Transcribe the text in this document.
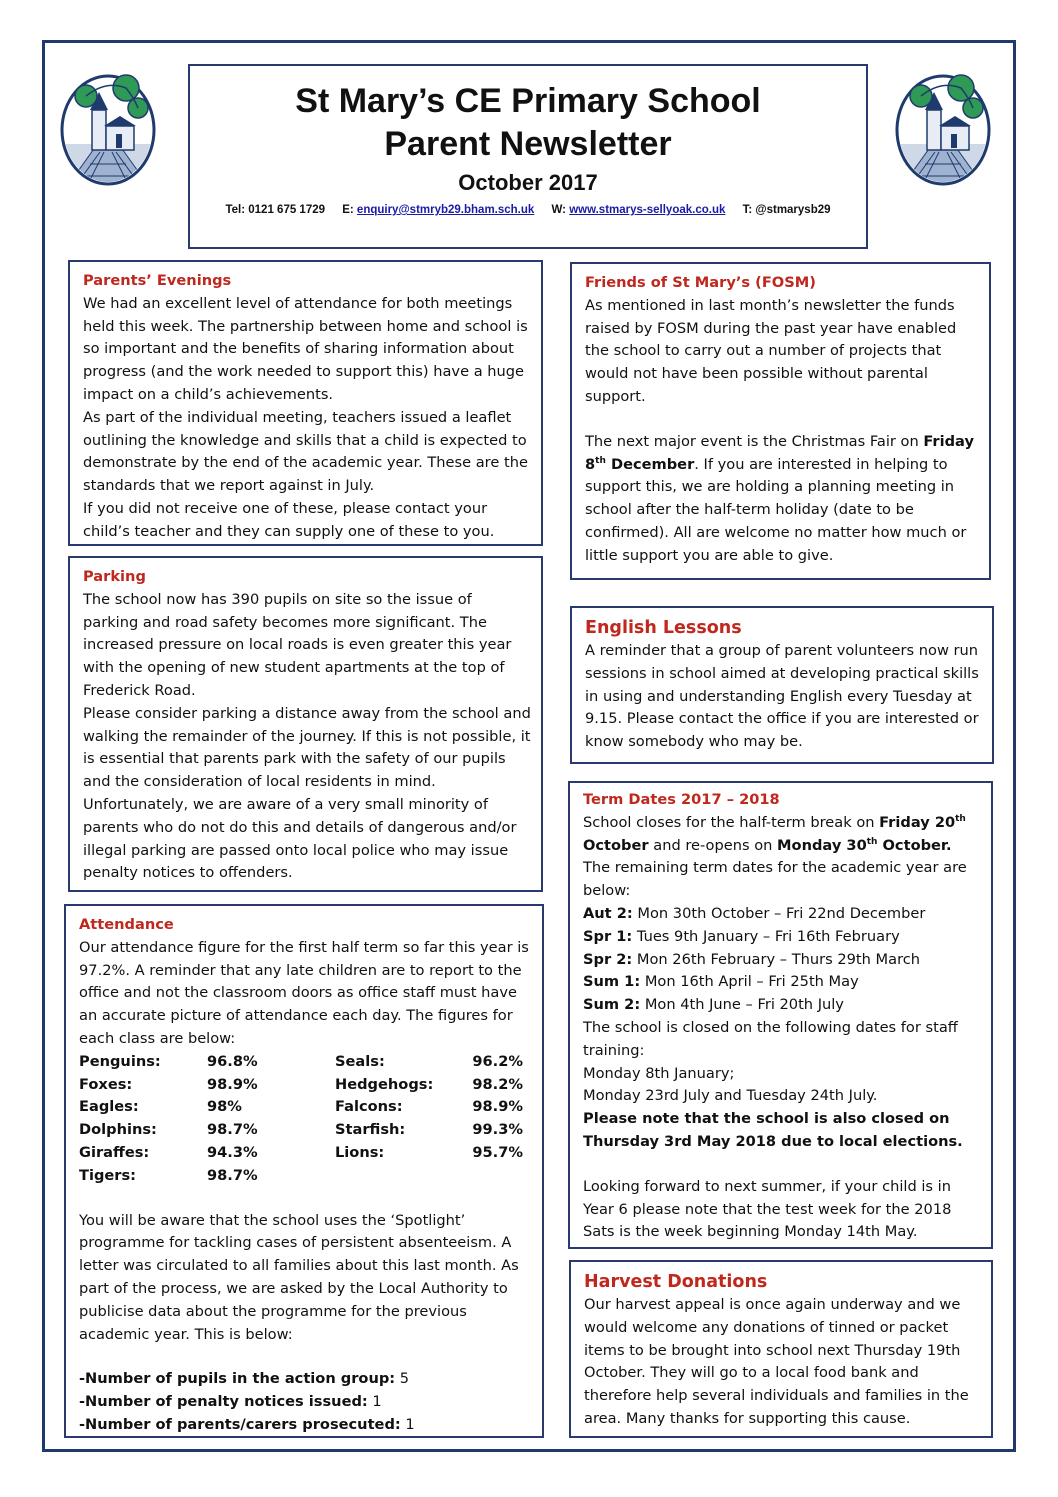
St Mary’s CE Primary School
Parent Newsletter
October 2017
Tel: 0121 675 1729 E: enquiry@stmryb29.bham.sch.uk W: www.stmarys-sellyoak.co.uk T: @stmarysb29
Parents’ Evenings

We had an excellent level of attendance for both meetings held this week. The partnership between home and school is so important and the benefits of sharing information about progress (and the work needed to support this) have a huge impact on a child’s achievements.

As part of the individual meeting, teachers issued a leaflet outlining the knowledge and skills that a child is expected to demonstrate by the end of the academic year. These are the standards that we report against in July.

If you did not receive one of these, please contact your child’s teacher and they can supply one of these to you.

Parking

The school now has 390 pupils on site so the issue of parking and road safety becomes more significant. The increased pressure on local roads is even greater this year with the opening of new student apartments at the top of Frederick Road.

Please consider parking a distance away from the school and walking the remainder of the journey. If this is not possible, it is essential that parents park with the safety of our pupils and the consideration of local residents in mind. Unfortunately, we are aware of a very small minority of parents who do not do this and details of dangerous and/or illegal parking are passed onto local police who may issue penalty notices to offenders.

Attendance

Our attendance figure for the first half term so far this year is 97.2%. A reminder that any late children are to report to the office and not the classroom doors as office staff must have an accurate picture of attendance each day. The figures for each class are below:

Penguins:	96.8%	Seals:	96.2%
Foxes:	98.9%	Hedgehogs:	98.2%
Eagles:	98%	Falcons:	98.9%
Dolphins:	98.7%	Starfish:	99.3%
Giraffes:	94.3%	Lions:	95.7%
Tigers:	98.7%		

You will be aware that the school uses the ‘Spotlight’ programme for tackling cases of persistent absenteeism. A letter was circulated to all families about this last month. As part of the process, we are asked by the Local Authority to publicise data about the programme for the previous academic year. This is below:

-Number of pupils in the action group: 5

-Number of penalty notices issued: 1

-Number of parents/carers prosecuted: 1

Friends of St Mary’s (FOSM)

As mentioned in last month’s newsletter the funds raised by FOSM during the past year have enabled the school to carry out a number of projects that would not have been possible without parental support.

The next major event is the Christmas Fair on Friday 8th December. If you are interested in helping to support this, we are holding a planning meeting in school after the half-term holiday (date to be confirmed). All are welcome no matter how much or little support you are able to give.

English Lessons

A reminder that a group of parent volunteers now run sessions in school aimed at developing practical skills in using and understanding English every Tuesday at 9.15. Please contact the office if you are interested or know somebody who may be.

Term Dates 2017 – 2018

School closes for the half-term break on Friday 20th October and re-opens on Monday 30th October. The remaining term dates for the academic year are below:

Aut 2: Mon 30th October – Fri 22nd December

Spr 1: Tues 9th January – Fri 16th February

Spr 2: Mon 26th February – Thurs 29th March

Sum 1: Mon 16th April – Fri 25th May

Sum 2: Mon 4th June – Fri 20th July

The school is closed on the following dates for staff training:

Monday 8th January;

Monday 23rd July and Tuesday 24th July.

Please note that the school is also closed on Thursday 3rd May 2018 due to local elections.

Looking forward to next summer, if your child is in Year 6 please note that the test week for the 2018 Sats is the week beginning Monday 14th May.

Harvest Donations

Our harvest appeal is once again underway and we would welcome any donations of tinned or packet items to be brought into school next Thursday 19th October. They will go to a local food bank and therefore help several individuals and families in the area. Many thanks for supporting this cause.
